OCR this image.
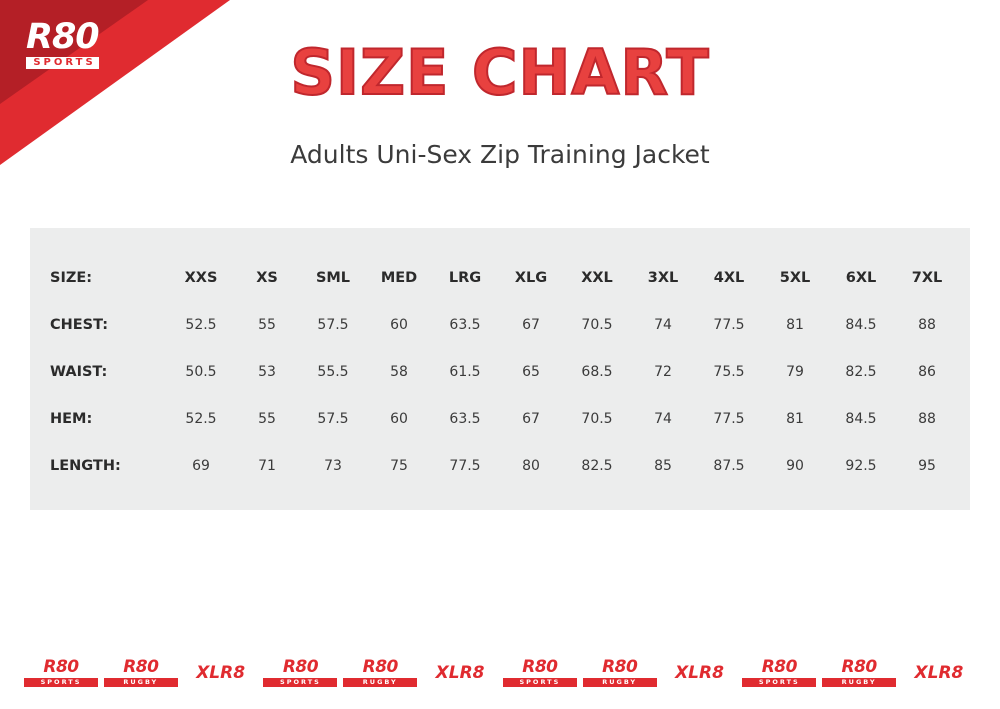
R80
SPORTS	SIZE CHART
Adults Uni-Sex Zip Training Jacket
SIZE:	XXS	XS	SML	MED	LRG	XLG	XXL	3XL	4XL	5XL	6XL	7XL
CHEST:	52.5	55	57.5	60	63.5	67	70.5	74	77.5	81	84.5	88
WAIST:	50.5	53	55.5	58	61.5	65	68.5	72	75.5	79	82.5	86
HEM:	52.5	55	57.5	60	63.5	67	70.5	74	77.5	81	84.5	88
LENGTH:	69	71	73	75	77.5	80	82.5	85	87.5	90	92.5	95
R80
SPORTS
R80
RUGBY	XLR8	R80
SPORTS
R80
RUGBY	XLR8	R80
SPORTS
R80
RUGBY	XLR8	R80
SPORTS
R80
RUGBY	XLR8
